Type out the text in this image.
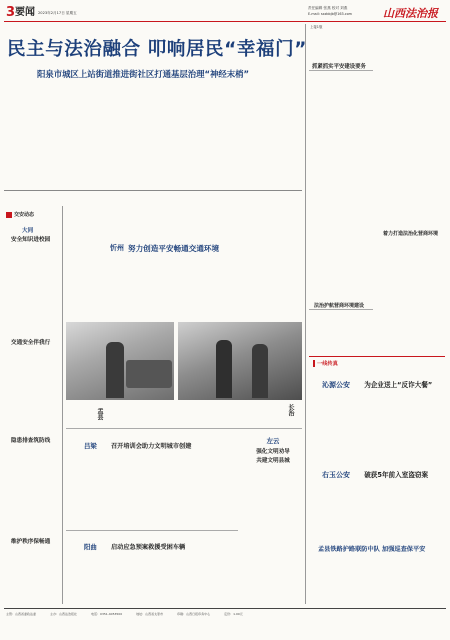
3 要闻 2023年2月17日 星期五
责任编辑 张燕 校对 刘燕
E-mail: sxzbbjb@163.com	山西法治报
民主与法治融合 叩响居民“幸福门”
阳泉市城区上站街道推进街社区打通基层治理“神经末梢”
上接1版
抓紧抓实平安建设要务
着力打造法治化营商环境
法治护航营商环境建设
一线传真
沁源公安 为企业送上“反诈大餐”
右玉公安 破获5年前入室盗窃案
孟县铁路护路联防中队 加强巡查保平安
交安动态
大同
安全知识进校园
交通安全伴我行
隐患排查筑防线
维护秩序保畅通
忻州 努力创造平安畅通交通环境
盂县	长治
吕梁 召开培训会助力文明城市创建
左云
强化文明劝导
共建文明县城
阳曲 启动应急预案救援受困车辆
主管：山西省委政法委	主办：山西法治报社	电话：0351-4053500	地址：山西省太原市	印刷：山西日报印务中心	定价：1.00元
